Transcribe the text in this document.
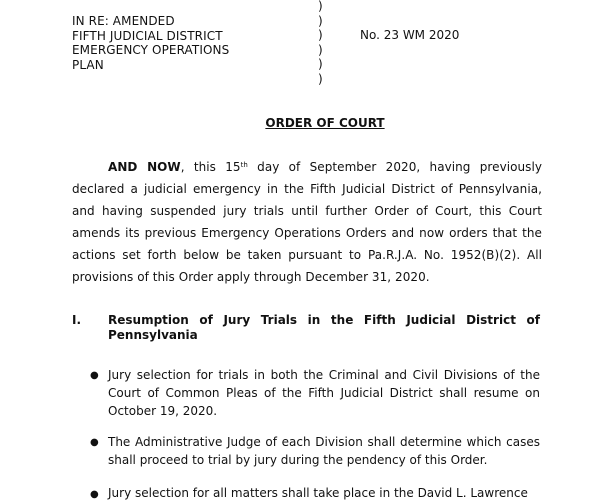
IN RE: AMENDED
FIFTH JUDICIAL DISTRICT
EMERGENCY OPERATIONS
PLAN
)
)
)
)
)
)
No. 23 WM 2020
ORDER OF COURT
AND NOW, this 15th day of September 2020, having previously declared a judicial emergency in the Fifth Judicial District of Pennsylvania, and having suspended jury trials until further Order of Court, this Court amends its previous Emergency Operations Orders and now orders that the actions set forth below be taken pursuant to Pa.R.J.A. No. 1952(B)(2). All provisions of this Order apply through December 31, 2020.
I. Resumption of Jury Trials in the Fifth Judicial District of Pennsylvania
● Jury selection for trials in both the Criminal and Civil Divisions of the Court of Common Pleas of the Fifth Judicial District shall resume on October 19, 2020.
● The Administrative Judge of each Division shall determine which cases shall proceed to trial by jury during the pendency of this Order.
● Jury selection for all matters shall take place in the David L. Lawrence
